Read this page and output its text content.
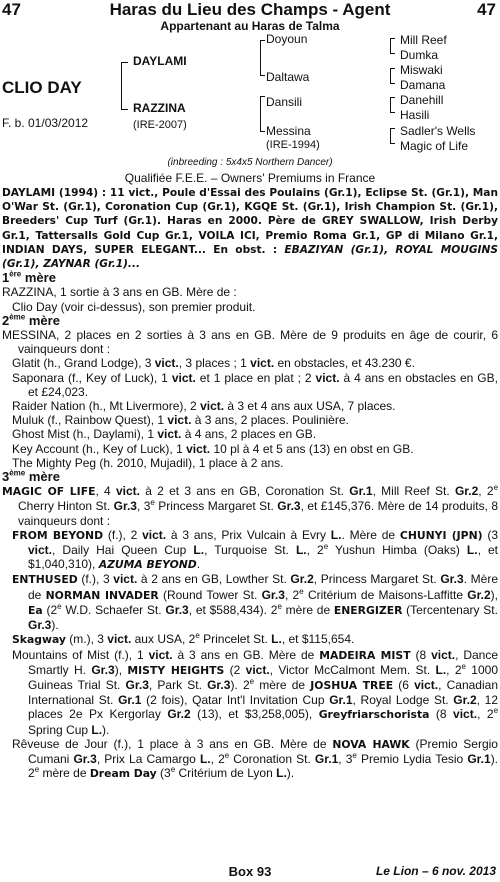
47	Haras du Lieu des Champs - Agent	47
Appartenant au Haras de Talma
CLIO DAY
F. b. 01/03/2012
DAYLAMI
RAZZINA
(IRE-2007)
Doyoun
Daltawa
Dansili
Messina
(IRE-1994)
Mill Reef
Dumka
Miswaki
Damana
Danehill
Hasili
Sadler's Wells
Magic of Life
(inbreeding : 5x4x5 Northern Dancer)
Qualifiée F.E.E. – Owners' Premiums in France

DAYLAMI (1994) : 11 vict., Poule d'Essai des Poulains (Gr.1), Eclipse St. (Gr.1), Man O'War St. (Gr.1), Coronation Cup (Gr.1), KGQE St. (Gr.1), Irish Champion St. (Gr.1), Breeders' Cup Turf (Gr.1). Haras en 2000. Père de GREY SWALLOW, Irish Derby Gr.1, Tattersalls Gold Cup Gr.1, VOILA ICI, Premio Roma Gr.1, GP di Milano Gr.1, INDIAN DAYS, SUPER ELEGANT... En obst. : EBAZIYAN (Gr.1), ROYAL MOUGINS (Gr.1), ZAYNAR (Gr.1)...

1ère mère

RAZZINA, 1 sortie à 3 ans en GB. Mère de :

Clio Day (voir ci-dessus), son premier produit.

2ème mère

MESSINA, 2 places en 2 sorties à 3 ans en GB. Mère de 9 produits en âge de courir, 6 vainqueurs dont :

Glatit (h., Grand Lodge), 3 vict., 3 places ; 1 vict. en obstacles, et 43.230 €.

Saponara (f., Key of Luck), 1 vict. et 1 place en plat ; 2 vict. à 4 ans en obstacles en GB, et £24,023.

Raider Nation (h., Mt Livermore), 2 vict. à 3 et 4 ans aux USA, 7 places.

Muluk (f., Rainbow Quest), 1 vict. à 3 ans, 2 places. Poulinière.

Ghost Mist (h., Daylami), 1 vict. à 4 ans, 2 places en GB.

Key Account (h., Key of Luck), 1 vict. 10 pl à 4 et 5 ans (13) en obst en GB.

The Mighty Peg (h. 2010, Mujadil), 1 place à 2 ans.

3ème mère

MAGIC OF LIFE, 4 vict. à 2 et 3 ans en GB, Coronation St. Gr.1, Mill Reef St. Gr.2, 2e Cherry Hinton St. Gr.3, 3e Princess Margaret St. Gr.3, et £145,376. Mère de 14 produits, 8 vainqueurs dont :

FROM BEYOND (f.), 2 vict. à 3 ans, Prix Vulcain à Evry L.. Mère de CHUNYI (JPN) (3 vict., Daily Hai Queen Cup L., Turquoise St. L., 2e Yushun Himba (Oaks) L., et $1,040,310), AZUMA BEYOND.

ENTHUSED (f.), 3 vict. à 2 ans en GB, Lowther St. Gr.2, Princess Margaret St. Gr.3. Mère de NORMAN INVADER (Round Tower St. Gr.3, 2e Critérium de Maisons-Laffitte Gr.2), Ea (2e W.D. Schaefer St. Gr.3, et $588,434). 2e mère de ENERGIZER (Tercentenary St. Gr.3).

Skagway (m.), 3 vict. aux USA, 2e Princelet St. L., et $115,654.

Mountains of Mist (f.), 1 vict. à 3 ans en GB. Mère de MADEIRA MIST (8 vict., Dance Smartly H. Gr.3), MISTY HEIGHTS (2 vict., Victor McCalmont Mem. St. L., 2e 1000 Guineas Trial St. Gr.3, Park St. Gr.3). 2e mère de JOSHUA TREE (6 vict., Canadian International St. Gr.1 (2 fois), Qatar Int'l Invitation Cup Gr.1, Royal Lodge St. Gr.2, 12 places 2e Px Kergorlay Gr.2 (13), et $3,258,005), Greyfriarschorista (8 vict., 2e Spring Cup L.).

Rêveuse de Jour (f.), 1 place à 3 ans en GB. Mère de NOVA HAWK (Premio Sergio Cumani Gr.3, Prix La Camargo L., 2e Coronation St. Gr.1, 3e Premio Lydia Tesio Gr.1). 2e mère de Dream Day (3e Critérium de Lyon L.).

Box 93	Le Lion – 6 nov. 2013
